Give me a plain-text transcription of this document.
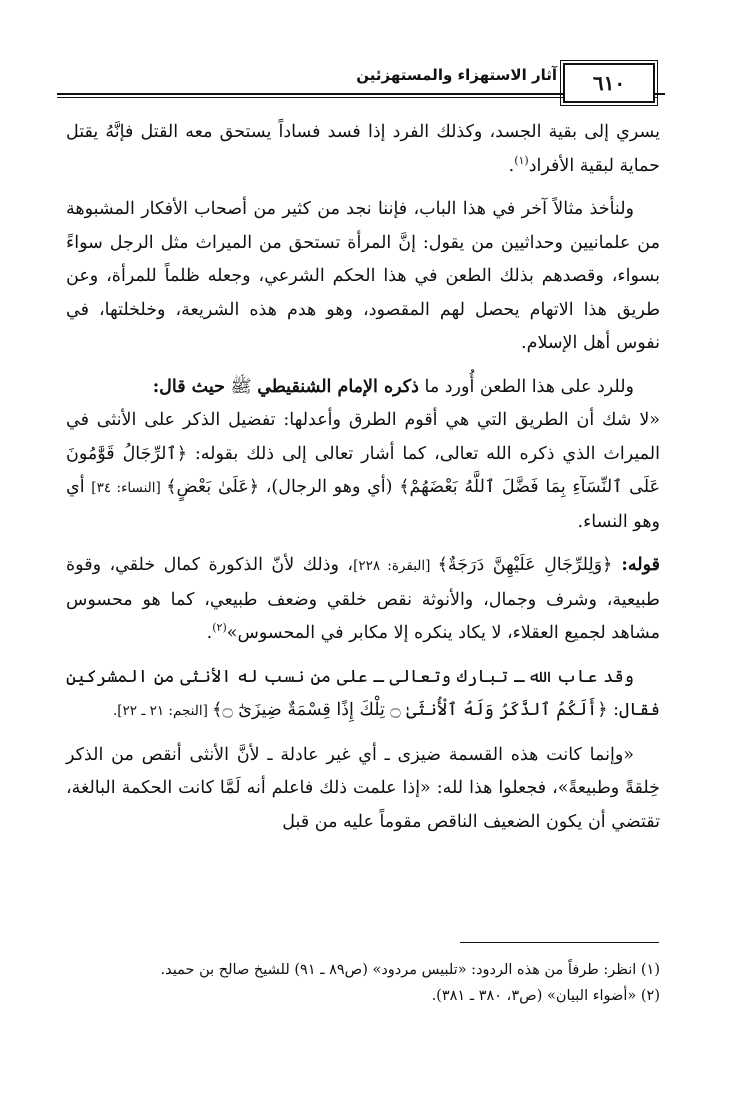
٦١٠
آثار الاستهزاء والمستهزئين

يسري إلى بقية الجسد، وكذلك الفرد إذا فسد فساداً يستحق معه القتل فإنَّهُ يقتل حماية لبقية الأفراد$^{(١)}$.

ولنأخذ مثالاً آخر في هذا الباب، فإننا نجد من كثير من أصحاب الأفكار المشبوهة من علمانيين وحداثيين من يقول: إنَّ المرأة تستحق من الميراث مثل الرجل سواءً بسواء، وقصدهم بذلك الطعن في هذا الحكم الشرعي، وجعله ظلماً للمرأة، وعن طريق هذا الاتهام يحصل لهم المقصود، وهو هدم هذه الشريعة، وخلخلتها، في نفوس أهل الإسلام.

وللرد على هذا الطعن أُورد ما ذكره الإمام الشنقيطي ﷺ حيث قال:

«لا شك أن الطريق التي هي أقوم الطرق وأعدلها: تفضيل الذكر على الأنثى في الميراث الذي ذكره الله تعالى، كما أشار تعالى إلى ذلك بقوله: ﴿ٱلرِّجَالُ قَوَّٰمُونَ عَلَى ٱلنِّسَآءِ بِمَا فَضَّلَ ٱللَّهُ بَعْضَهُمْ﴾ (أي وهو الرجال)، ﴿عَلَىٰ بَعْضٍ﴾ [النساء: ٣٤] أي وهو النساء.

قوله: ﴿وَلِلرِّجَالِ عَلَيْهِنَّ دَرَجَةٌ﴾ [البقرة: ٢٢٨]، وذلك لأنّ الذكورة كمال خلقي، وقوة طبيعية، وشرف وجمال، والأنوثة نقص خلقي وضعف طبيعي، كما هو محسوس مشاهد لجميع العقلاء، لا يكاد ينكره إلا مكابر في المحسوس»$^{(٢)}$.

وقد عاب الله ـ تبارك وتعالى ـ على من نسب له الأنثى من المشركين فقال: ﴿أَلَكُمُ ٱلذَّكَرُ وَلَهُ ٱلْأُنثَىٰ ۝ تِلْكَ إِذًا قِسْمَةٌ ضِيزَىٰٓ ۝﴾ [النجم: ٢١ ـ ٢٢].

«وإنما كانت هذه القسمة ضيزى ـ أي غير عادلة ـ لأنَّ الأنثى أنقص من الذكر خِلقةً وطبيعةً»، فجعلوا هذا لله: «إذا علمت ذلك فاعلم أنه لَمَّا كانت الحكمة البالغة، تقتضي أن يكون الضعيف الناقص مقوماً عليه من قبل

(١) انظر: طرفاً من هذه الردود: «تلبيس مردود» (ص٨٩ ـ ٩١) للشيخ صالح بن حميد.

(٢) «أضواء البيان» (ص٣، ٣٨٠ ـ ٣٨١).
